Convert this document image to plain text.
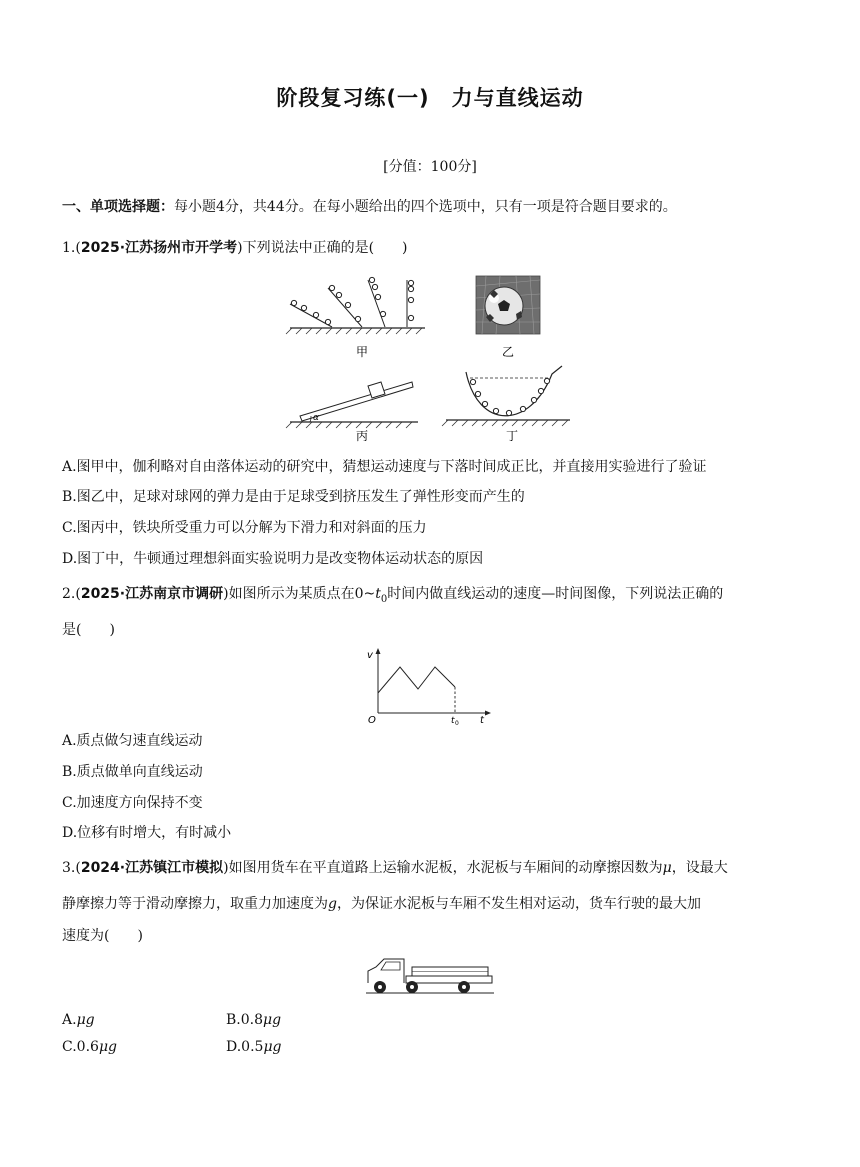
阶段复习练(一)　力与直线运动
[分值：100分]
一、单项选择题：每小题4分，共44分。在每小题给出的四个选项中，只有一项是符合题目要求的。
1.(2025·江苏扬州市开学考)下列说法中正确的是(　　)
甲	乙
α
丙	丁
A.图甲中，伽利略对自由落体运动的研究中，猜想运动速度与下落时间成正比，并直接用实验进行了验证
B.图乙中，足球对球网的弹力是由于足球受到挤压发生了弹性形变而产生的
C.图丙中，铁块所受重力可以分解为下滑力和对斜面的压力
D.图丁中，牛顿通过理想斜面实验说明力是改变物体运动状态的原因
2.(2025·江苏南京市调研)如图所示为某质点在$0\sim t_0$时间内做直线运动的速度—时间图像，下列说法正确的
是(　　)
v
O	t 0 t
A.质点做匀速直线运动
B.质点做单向直线运动
C.加速度方向保持不变
D.位移有时增大，有时减小
3.(2024·江苏镇江市模拟)如图用货车在平直道路上运输水泥板，水泥板与车厢间的动摩擦因数为μ，设最大
静摩擦力等于滑动摩擦力，取重力加速度为g，为保证水泥板与车厢不发生相对运动，货车行驶的最大加
速度为(　　)
A.μg	B.0.8μg
C.0.6μg	D.0.5μg
